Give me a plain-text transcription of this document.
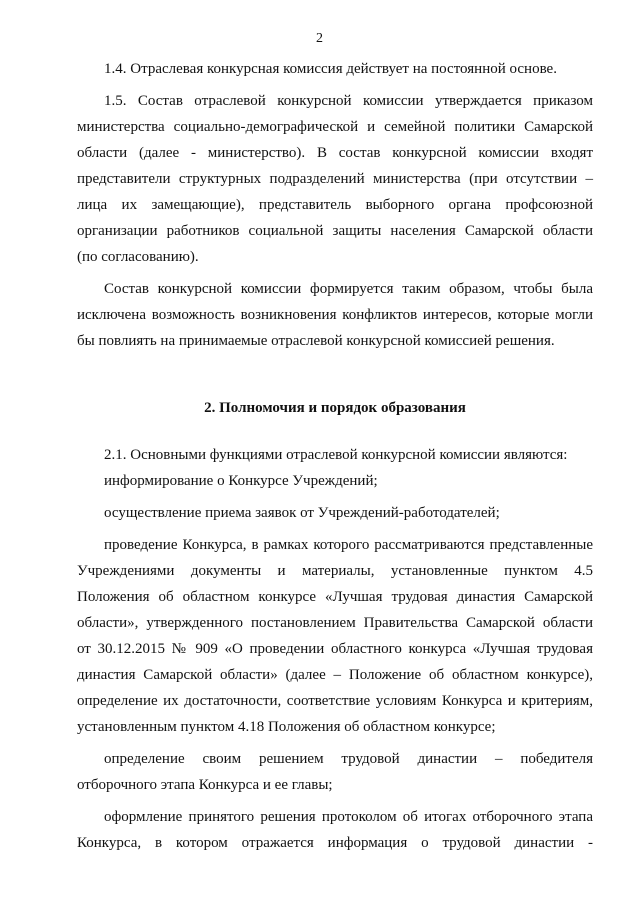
2

1.4. Отраслевая конкурсная комиссия действует на постоянной основе.

1.5. Состав отраслевой конкурсной комиссии утверждается приказом

министерства социально-демографической и семейной политики Самарской

области (далее - министерство). В состав конкурсной комиссии входят

представители структурных подразделений министерства (при отсутствии –

лица их замещающие), представитель выборного органа профсоюзной

организации работников социальной защиты населения Самарской области

(по согласованию).

Состав конкурсной комиссии формируется таким образом, чтобы была

исключена возможность возникновения конфликтов интересов, которые могли

бы повлиять на принимаемые отраслевой конкурсной комиссией решения.

2. Полномочия и порядок образования

2.1. Основными функциями отраслевой конкурсной комиссии являются:

информирование о Конкурсе Учреждений;

осуществление приема заявок от Учреждений-работодателей;

проведение Конкурса, в рамках которого рассматриваются представленные

Учреждениями документы и материалы, установленные пунктом 4.5

Положения об областном конкурсе «Лучшая трудовая династия Самарской

области», утвержденного постановлением Правительства Самарской области

от 30.12.2015 № 909 «О проведении областного конкурса «Лучшая трудовая

династия Самарской области» (далее – Положение об областном конкурсе),

определение их достаточности, соответствие условиям Конкурса и критериям,

установленным пунктом 4.18 Положения об областном конкурсе;

определение своим решением трудовой династии – победителя

отборочного этапа Конкурса и ее главы;

оформление принятого решения протоколом об итогах отборочного этапа

Конкурса, в котором отражается информация о трудовой династии -
